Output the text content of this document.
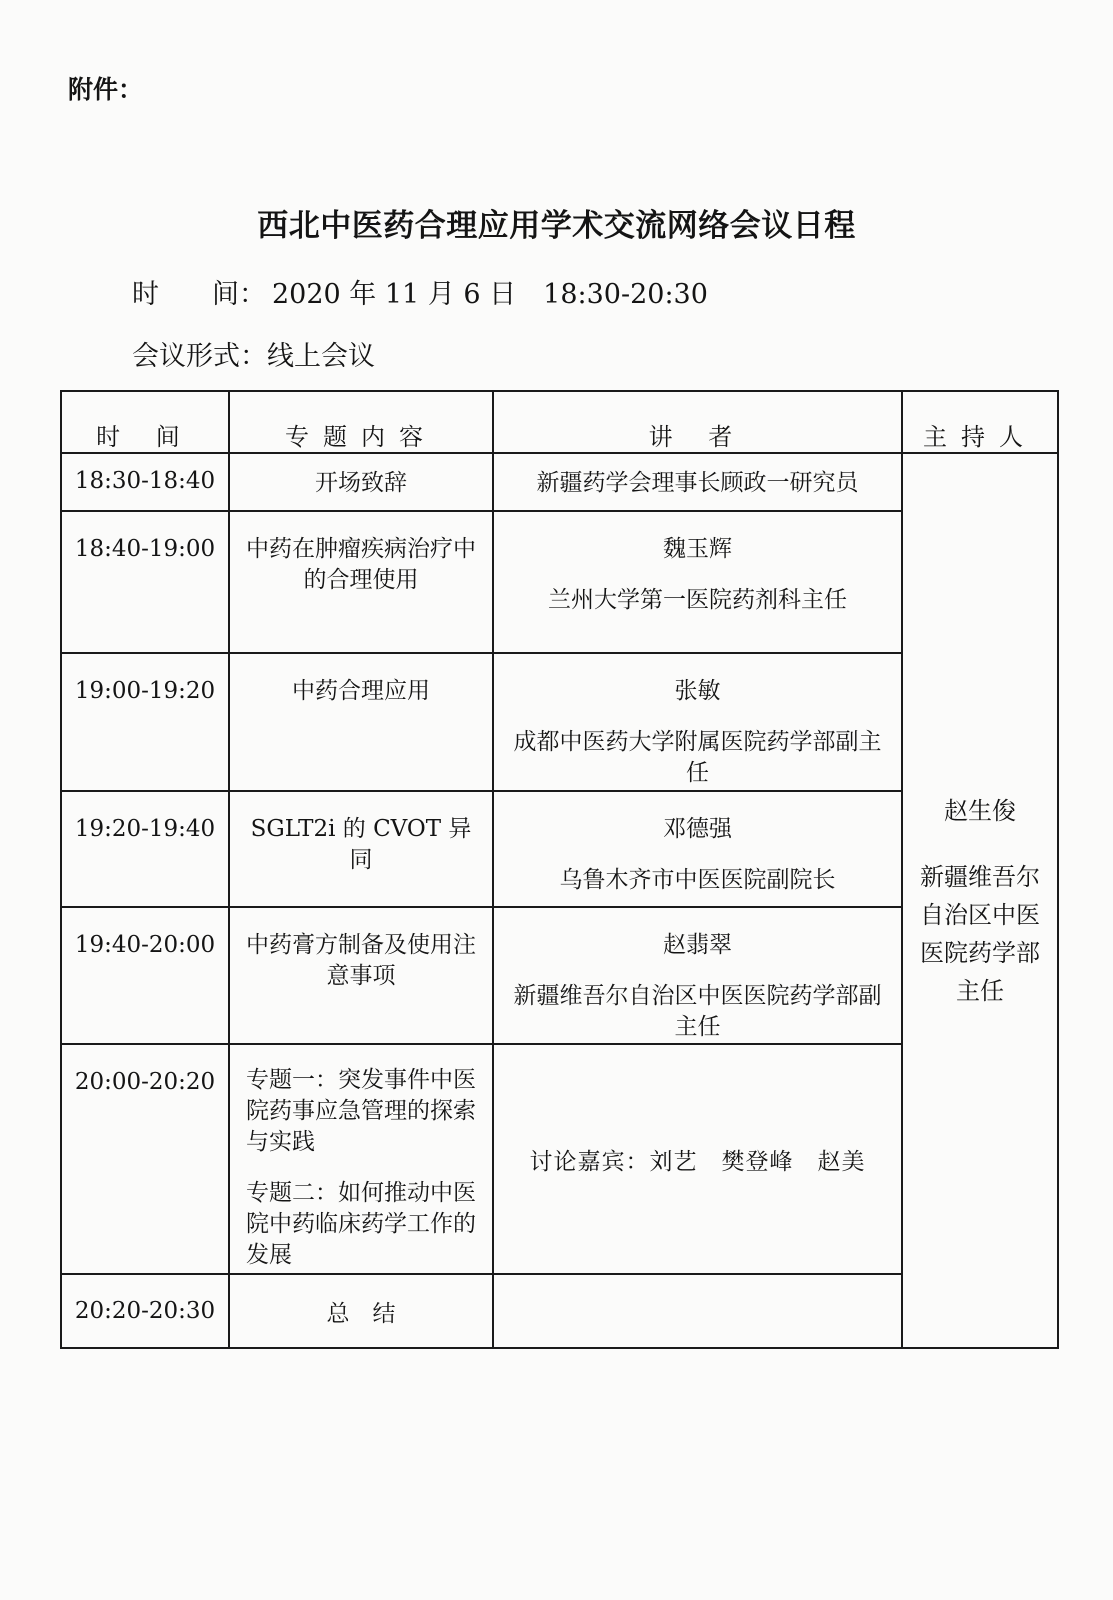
附件：
西北中医药合理应用学术交流网络会议日程
时 间： 2020 年 11 月 6 日　18:30-20:30
会议形式：线上会议
时 间	专题内容	讲 者	主持人
18:30-18:40	开场致辞	新疆药学会理事长顾政一研究员	赵生俊
新疆维吾尔自治区中医医院药学部主任

18:40-19:00	中药在肿瘤疾病治疗中的合理使用	魏玉辉
兰州大学第一医院药剂科主任	

19:00-19:20	中药合理应用	张敏
成都中医药大学附属医院药学部副主任	

19:20-19:40	SGLT2i 的 CVOT 异同	邓德强
乌鲁木齐市中医医院副院长	

19:40-20:00	中药膏方制备及使用注意事项	赵翡翠
新疆维吾尔自治区中医医院药学部副主任	

20:00-20:20	专题一：突发事件中医院药事应急管理的探索与实践
专题二：如何推动中医院中药临床药学工作的发展	讨论嘉宾：刘艺　樊登峰　赵美	
20:20-20:30	总　结		
